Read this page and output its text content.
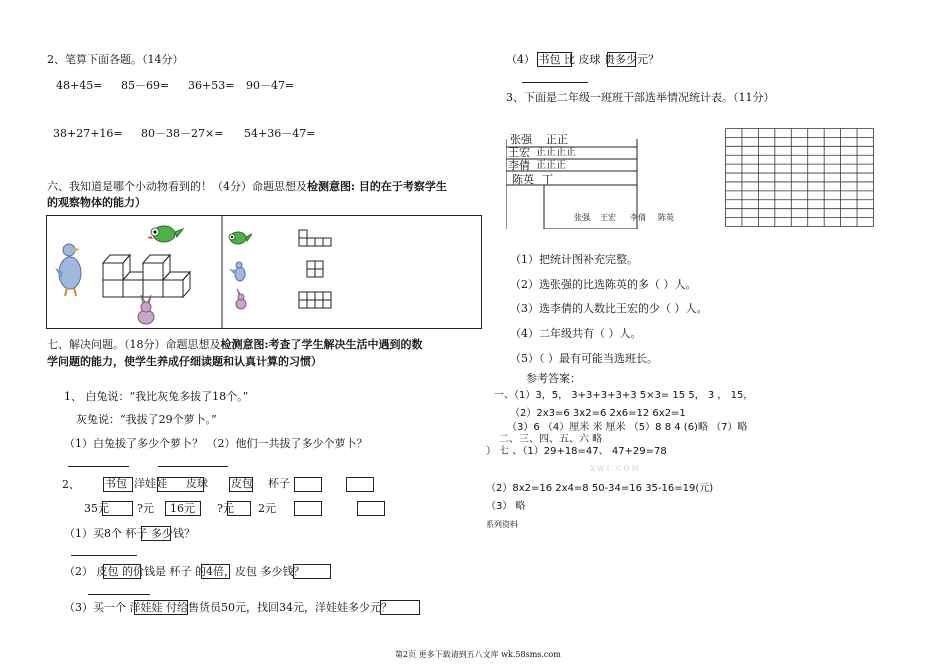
2、笔算下面各题。（14分）
48+45= 85－69= 36+53= 90－47=
38+27+16= 80－38－27×= 54+36－47=
六、我知道是哪个小动物看到的！（4分）命题思想及检测意图: 目的在于考察学生
的观察物体的能力）
七、解决问题。（18分）命题思想及检测意图:考查了学生解决生活中遇到的数
学问题的能力，使学生养成仔细读题和认真计算的习惯）
1、 白兔说：“我比灰兔多拔了18个。”
灰兔说：“我拔了29个萝卜。”
（1）白兔拔了多少个萝卜？ （2）他们一共拔了多少个萝卜？
2、 书包 洋娃娃 皮球 皮包 杯子
35元	?元 16元 ?元 2元
（1）买8个 杯子 多少钱？
（2） 皮包 的价钱是 杯子 的4倍，皮包 多少钱？
（3）买一个 洋娃娃 付给售货员50元，找回34元，洋娃娃多少元？
（4） 书包 比 皮球 贵多少元？
3、下面是二年级一班班干部选举情况统计表。（11分）
张强 正正
王宏 正正正正
李倩 正正正
陈英 丅
张强 王宏 李倩 陈英
（1）把统计图补充完整。
（2）选张强的比选陈英的多（ ）人。
（3）选李倩的人数比王宏的少（ ）人。
（4）二年级共有（ ）人。
（5）（ ）最有可能当选班长。
参考答案：
一、（1）3，5， 3+3+3+3+3 5×3= 15 5， 3 ， 15，
（2）2x3=6 3x2=6 2x6=12 6x2=1
（3）6 （4）厘米 米 厘米 （5）8 8 4 (6)略 （7）略
二、三、四、五、六 略
） 七 、（1）29+18=47、 47+29=78
X W I . C O M
（2）8x2=16 2x4=8 50-34=16 35-16=19(元)
（3） 略
系列资料
第2页 更多下载请到五八文库 wk.58sms.com
